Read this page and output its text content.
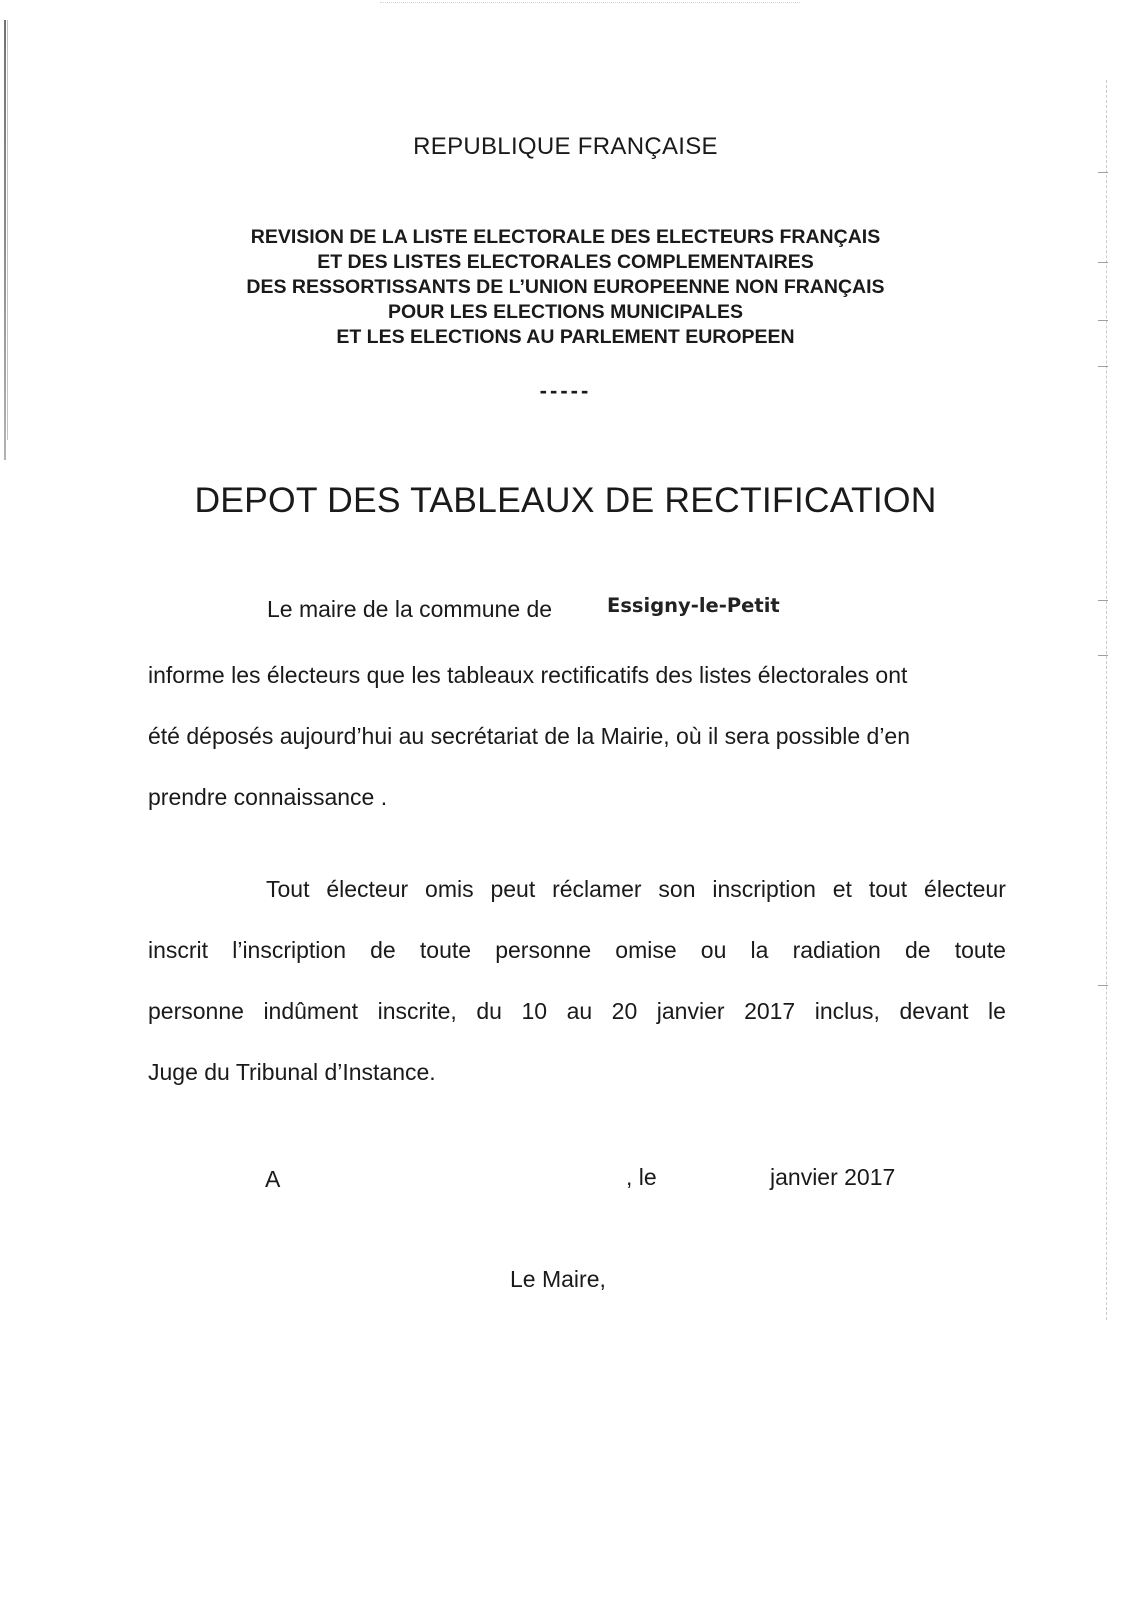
REPUBLIQUE FRANÇAISE
REVISION DE LA LISTE ELECTORALE DES ELECTEURS FRANÇAIS
ET DES LISTES ELECTORALES COMPLEMENTAIRES
DES RESSORTISSANTS DE L’UNION EUROPEENNE NON FRANÇAIS
POUR LES ELECTIONS MUNICIPALES
ET LES ELECTIONS AU PARLEMENT EUROPEEN
-----
DEPOT DES TABLEAUX DE RECTIFICATION
Le maire de la commune de	Essigny-le-Petit
informe les électeurs que les tableaux rectificatifs des listes électorales ont
été déposés aujourd’hui au secrétariat de la Mairie, où il sera possible d’en
prendre connaissance .
Tout électeur omis peut réclamer son inscription et tout électeur
inscrit l’inscription de toute personne omise ou la radiation de toute
personne indûment inscrite, du 10 au 20 janvier 2017 inclus, devant le
Juge du Tribunal d’Instance.
A	, le	janvier 2017
Le Maire,
